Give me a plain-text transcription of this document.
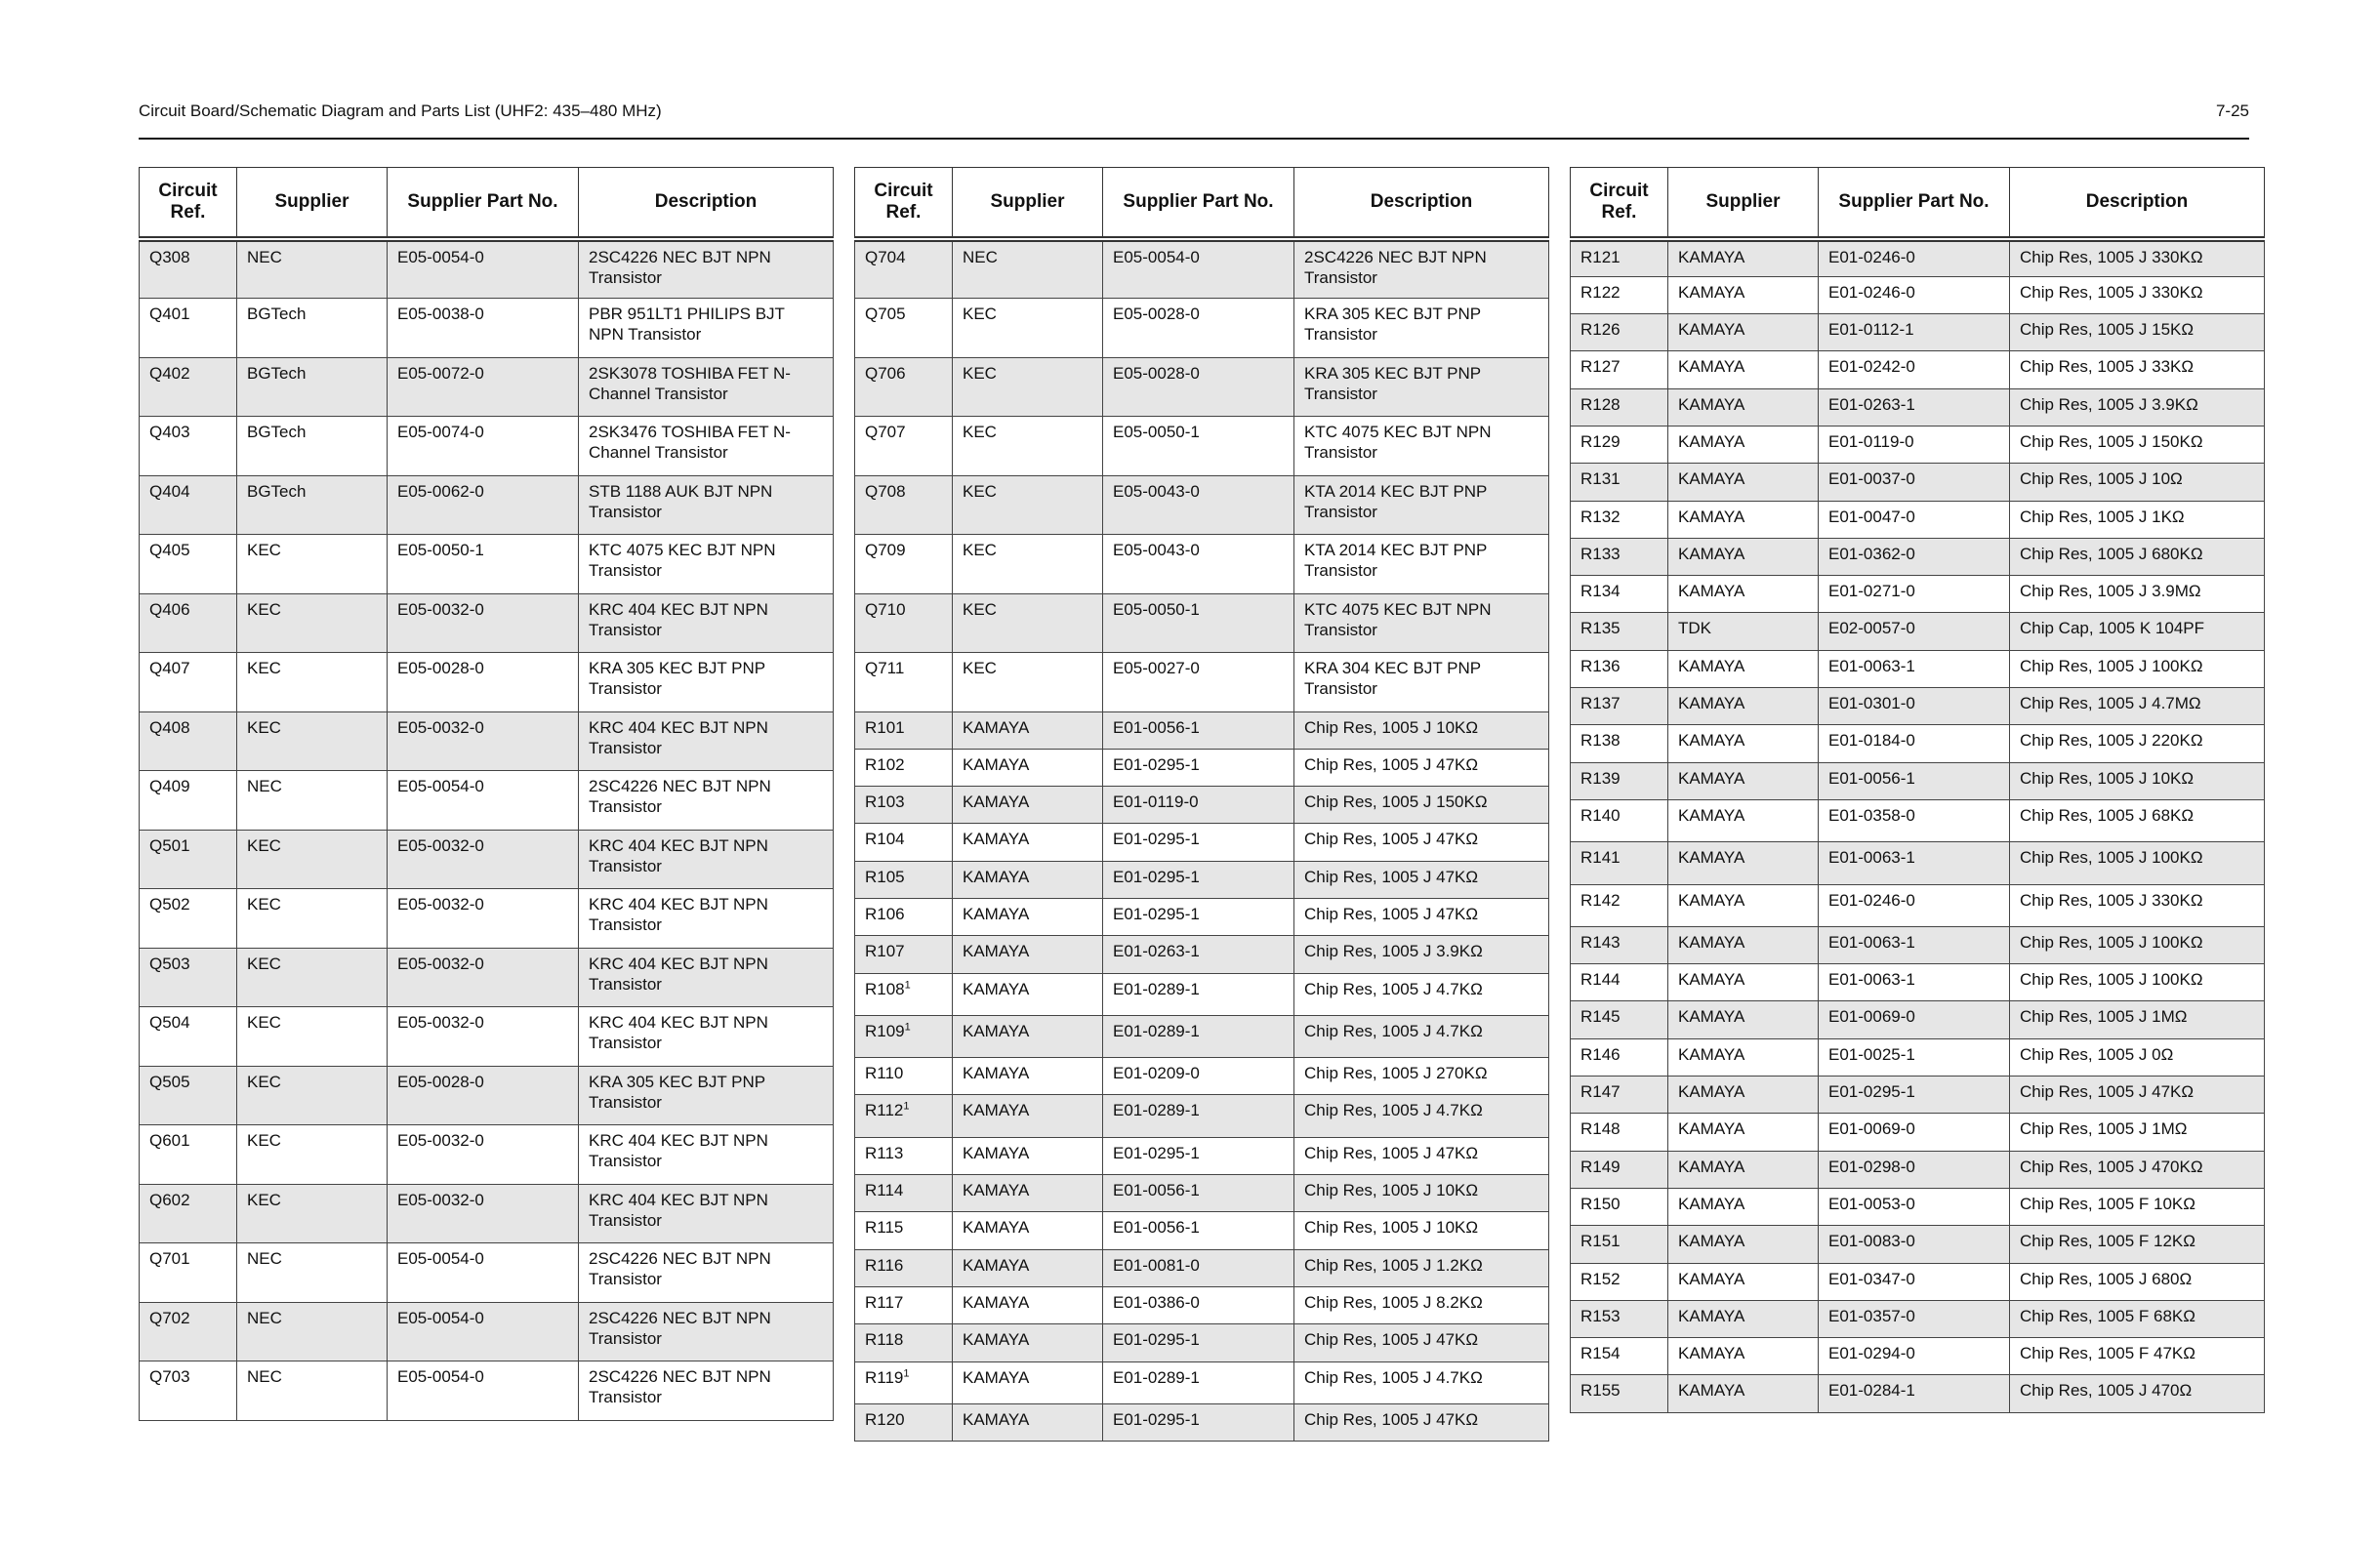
Circuit Board/Schematic Diagram and Parts List (UHF2: 435–480 MHz)	7-25
Circuit Ref.	Supplier	Supplier Part No.	Description
Q308	NEC	E05-0054-0	2SC4226 NEC BJT NPN Transistor
Q401	BGTech	E05-0038-0	PBR 951LT1 PHILIPS BJT NPN Transistor
Q402	BGTech	E05-0072-0	2SK3078 TOSHIBA FET N-Channel Transistor
Q403	BGTech	E05-0074-0	2SK3476 TOSHIBA FET N-Channel Transistor
Q404	BGTech	E05-0062-0	STB 1188 AUK BJT NPN Transistor
Q405	KEC	E05-0050-1	KTC 4075 KEC BJT NPN Transistor
Q406	KEC	E05-0032-0	KRC 404 KEC BJT NPN Transistor
Q407	KEC	E05-0028-0	KRA 305 KEC BJT PNP Transistor
Q408	KEC	E05-0032-0	KRC 404 KEC BJT NPN Transistor
Q409	NEC	E05-0054-0	2SC4226 NEC BJT NPN Transistor
Q501	KEC	E05-0032-0	KRC 404 KEC BJT NPN Transistor
Q502	KEC	E05-0032-0	KRC 404 KEC BJT NPN Transistor
Q503	KEC	E05-0032-0	KRC 404 KEC BJT NPN Transistor
Q504	KEC	E05-0032-0	KRC 404 KEC BJT NPN Transistor
Q505	KEC	E05-0028-0	KRA 305 KEC BJT PNP Transistor
Q601	KEC	E05-0032-0	KRC 404 KEC BJT NPN Transistor
Q602	KEC	E05-0032-0	KRC 404 KEC BJT NPN Transistor
Q701	NEC	E05-0054-0	2SC4226 NEC BJT NPN Transistor
Q702	NEC	E05-0054-0	2SC4226 NEC BJT NPN Transistor
Q703	NEC	E05-0054-0	2SC4226 NEC BJT NPN Transistor
Circuit Ref.	Supplier	Supplier Part No.	Description
Q704	NEC	E05-0054-0	2SC4226 NEC BJT NPN Transistor
Q705	KEC	E05-0028-0	KRA 305 KEC BJT PNP Transistor
Q706	KEC	E05-0028-0	KRA 305 KEC BJT PNP Transistor
Q707	KEC	E05-0050-1	KTC 4075 KEC BJT NPN Transistor
Q708	KEC	E05-0043-0	KTA 2014 KEC BJT PNP Transistor
Q709	KEC	E05-0043-0	KTA 2014 KEC BJT PNP Transistor
Q710	KEC	E05-0050-1	KTC 4075 KEC BJT NPN Transistor
Q711	KEC	E05-0027-0	KRA 304 KEC BJT PNP Transistor
R101	KAMAYA	E01-0056-1	Chip Res, 1005 J 10KΩ
R102	KAMAYA	E01-0295-1	Chip Res, 1005 J 47KΩ
R103	KAMAYA	E01-0119-0	Chip Res, 1005 J 150KΩ
R104	KAMAYA	E01-0295-1	Chip Res, 1005 J 47KΩ
R105	KAMAYA	E01-0295-1	Chip Res, 1005 J 47KΩ
R106	KAMAYA	E01-0295-1	Chip Res, 1005 J 47KΩ
R107	KAMAYA	E01-0263-1	Chip Res, 1005 J 3.9KΩ
$R108^1$	KAMAYA	E01-0289-1	Chip Res, 1005 J 4.7KΩ
$R109^1$	KAMAYA	E01-0289-1	Chip Res, 1005 J 4.7KΩ
R110	KAMAYA	E01-0209-0	Chip Res, 1005 J 270KΩ
$R112^1$	KAMAYA	E01-0289-1	Chip Res, 1005 J 4.7KΩ
R113	KAMAYA	E01-0295-1	Chip Res, 1005 J 47KΩ
R114	KAMAYA	E01-0056-1	Chip Res, 1005 J 10KΩ
R115	KAMAYA	E01-0056-1	Chip Res, 1005 J 10KΩ
R116	KAMAYA	E01-0081-0	Chip Res, 1005 J 1.2KΩ
R117	KAMAYA	E01-0386-0	Chip Res, 1005 J 8.2KΩ
R118	KAMAYA	E01-0295-1	Chip Res, 1005 J 47KΩ
$R119^1$	KAMAYA	E01-0289-1	Chip Res, 1005 J 4.7KΩ
R120	KAMAYA	E01-0295-1	Chip Res, 1005 J 47KΩ
Circuit Ref.	Supplier	Supplier Part No.	Description
R121	KAMAYA	E01-0246-0	Chip Res, 1005 J 330KΩ
R122	KAMAYA	E01-0246-0	Chip Res, 1005 J 330KΩ
R126	KAMAYA	E01-0112-1	Chip Res, 1005 J 15KΩ
R127	KAMAYA	E01-0242-0	Chip Res, 1005 J 33KΩ
R128	KAMAYA	E01-0263-1	Chip Res, 1005 J 3.9KΩ
R129	KAMAYA	E01-0119-0	Chip Res, 1005 J 150KΩ
R131	KAMAYA	E01-0037-0	Chip Res, 1005 J 10Ω
R132	KAMAYA	E01-0047-0	Chip Res, 1005 J 1KΩ
R133	KAMAYA	E01-0362-0	Chip Res, 1005 J 680KΩ
R134	KAMAYA	E01-0271-0	Chip Res, 1005 J 3.9MΩ
R135	TDK	E02-0057-0	Chip Cap, 1005 K 104PF
R136	KAMAYA	E01-0063-1	Chip Res, 1005 J 100KΩ
R137	KAMAYA	E01-0301-0	Chip Res, 1005 J 4.7MΩ
R138	KAMAYA	E01-0184-0	Chip Res, 1005 J 220KΩ
R139	KAMAYA	E01-0056-1	Chip Res, 1005 J 10KΩ
R140	KAMAYA	E01-0358-0	Chip Res, 1005 J 68KΩ
R141	KAMAYA	E01-0063-1	Chip Res, 1005 J 100KΩ
R142	KAMAYA	E01-0246-0	Chip Res, 1005 J 330KΩ
R143	KAMAYA	E01-0063-1	Chip Res, 1005 J 100KΩ
R144	KAMAYA	E01-0063-1	Chip Res, 1005 J 100KΩ
R145	KAMAYA	E01-0069-0	Chip Res, 1005 J 1MΩ
R146	KAMAYA	E01-0025-1	Chip Res, 1005 J 0Ω
R147	KAMAYA	E01-0295-1	Chip Res, 1005 J 47KΩ
R148	KAMAYA	E01-0069-0	Chip Res, 1005 J 1MΩ
R149	KAMAYA	E01-0298-0	Chip Res, 1005 J 470KΩ
R150	KAMAYA	E01-0053-0	Chip Res, 1005 F 10KΩ
R151	KAMAYA	E01-0083-0	Chip Res, 1005 F 12KΩ
R152	KAMAYA	E01-0347-0	Chip Res, 1005 J 680Ω
R153	KAMAYA	E01-0357-0	Chip Res, 1005 F 68KΩ
R154	KAMAYA	E01-0294-0	Chip Res, 1005 F 47KΩ
R155	KAMAYA	E01-0284-1	Chip Res, 1005 J 470Ω
